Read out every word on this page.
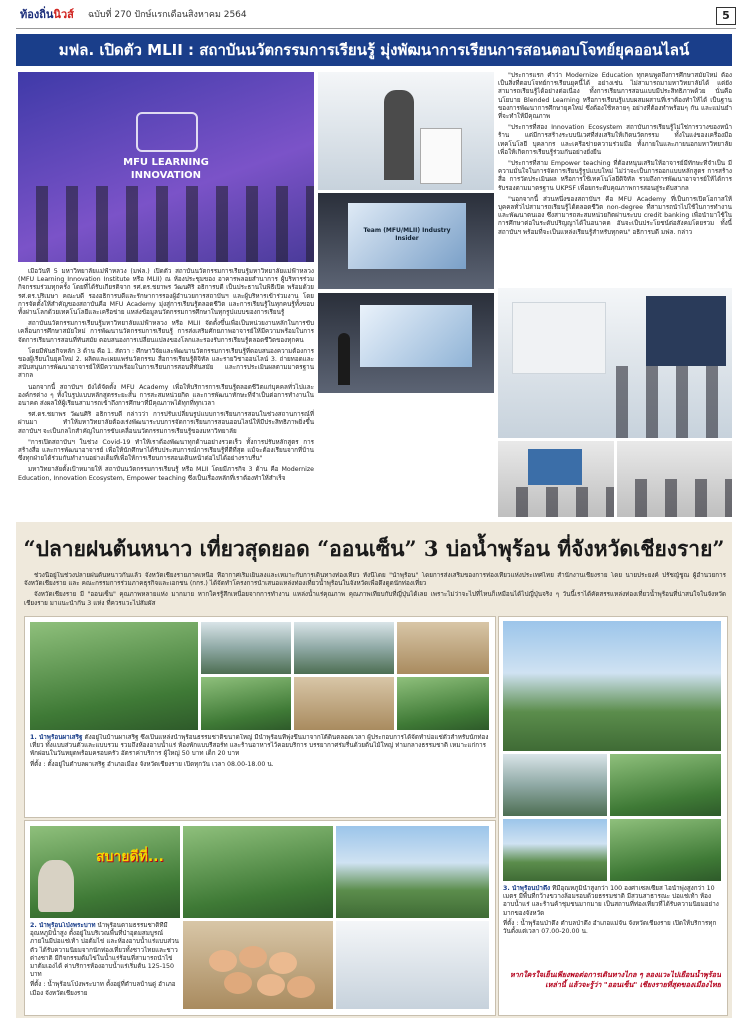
ท้องถิ่นนิวส์	ฉบับที่ 270 ปักษ์แรกเดือนสิงหาคม 2564	5
มฟล. เปิดตัว MLII : สถาบันนวัตกรรมการเรียนรู้ มุ่งพัฒนาการเรียนการสอนตอบโจทย์ยุคออนไลน์
MFU LEARNING INNOVATION
Team (MFU/MLII) Industry Insider

เมื่อวันที่ 5 มหาวิทยาลัยแม่ฟ้าหลวง (มฟล.) เปิดตัว สถาบันนวัตกรรมการเรียนรู้มหาวิทยาลัยแม่ฟ้าหลวง (MFU Learning Innovation Institute หรือ MLII) ณ ห้องประชุมของ อาคารพลอยสำนาการ ผู้บริหารร่วมกิจกรรมร่วมทุกครั้ง โดยที่ได้รับเกียรติจาก รศ.ดร.ชยาพร วัฒนศิริ อธิการบดี เป็นประธานในพิธีเปิด พร้อมด้วย รศ.ดร.ปริเมษา คณะบดี รองอธิการบดีและรักษาการรองผู้อำนวยการสถาบันฯ และผู้บริหารเข้าร่วมงาน โดยการจัดตั้งให้สำคัญของสถาบันคือ MFU Academy มุ่งสู่การเรียนรู้ตลอดชีวิต และการเรียนรู้ในทุกคนรู้ทั้งขอบทั้งผ่านโลกด้วยเทคโนโลยีและเครือข่าย แหล่งข้อมูลนวัตกรรมการศึกษาในทุกรูปแบบของการเรียนรู้

สถาบันนวัตกรรมการเรียนรู้มหาวิทยาลัยแม่ฟ้าหลวง หรือ MLII จัดตั้งขึ้นเพื่อเป็นหน่วยงานหลักในการขับเคลื่อนการศึกษาสมัยใหม่ การพัฒนานวัตกรรมการเรียนรู้ การส่งเสริมศักยภาพอาจารย์ให้มีความพร้อมในการจัดการเรียนการสอนที่ทันสมัย ตอบสนองการเปลี่ยนแปลงของโลกและรองรับการเรียนรู้ตลอดชีวิตของทุกคน

โดยมีพันธกิจหลัก 3 ด้าน คือ 1. สัตวา : ศึกษาวิจัยและพัฒนานวัตกรรมการเรียนรู้ที่ตอบสนองความต้องการของผู้เรียนในยุคใหม่ 2. ผลิตและเผยแพร่นวัตกรรม สื่อการเรียนรู้ดิจิทัล และรายวิชาออนไลน์ 3. ถ่ายทอดและสนับสนุนการพัฒนาอาจารย์ให้มีความพร้อมในการเรียนการสอนที่ทันสมัย และการประเมินผลตามมาตรฐานสากล

นอกจากนี้ สถาบันฯ ยังได้จัดตั้ง MFU Academy เพื่อให้บริการการเรียนรู้ตลอดชีวิตแก่บุคคลทั่วไปและองค์กรต่าง ๆ ทั้งในรูปแบบหลักสูตรระยะสั้น การสะสมหน่วยกิต และการพัฒนาทักษะที่จำเป็นต่อการทำงานในอนาคต ส่งผลให้ผู้เรียนสามารถเข้าถึงการศึกษาที่มีคุณภาพได้ทุกที่ทุกเวลา

รศ.ดร.ชยาพร วัฒนศิริ อธิการบดี กล่าวว่า การปรับเปลี่ยนรูปแบบการเรียนการสอนในช่วงสถานการณ์ที่ผ่านมา ทำให้มหาวิทยาลัยต้องเร่งพัฒนาระบบการจัดการเรียนการสอนออนไลน์ให้มีประสิทธิภาพยิ่งขึ้น สถาบันฯ จะเป็นกลไกสำคัญในการขับเคลื่อนนวัตกรรมการเรียนรู้ของมหาวิทยาลัย

"การเปิดสถาบันฯ ในช่วง Covid-19 ทำให้เราต้องพัฒนาทุกด้านอย่างรวดเร็ว ทั้งการปรับหลักสูตร การสร้างสื่อ และการพัฒนาอาจารย์ เพื่อให้นักศึกษาได้รับประสบการณ์การเรียนรู้ที่ดีที่สุด แม้จะต้องเรียนจากที่บ้าน ซึ่งทุกฝ่ายได้ร่วมกันทำงานอย่างเต็มที่เพื่อให้การเรียนการสอนเดินหน้าต่อไปได้อย่างราบรื่น"

มหาวิทยาลัยตั้งเป้าหมายให้ สถาบันนวัตกรรมการเรียนรู้ หรือ MLII โดยมีภารกิจ 3 ด้าน คือ Modernize Education, Innovation Ecosystem, Empower teaching ซึ่งเป็นเรื่องหลักที่เราต้องทำให้สำเร็จ

"ประการแรก คำว่า Modernize Education ทุกคนพูดถึงการศึกษาสมัยใหม่ ต้องเป็นสิ่งที่ตอบโจทย์การเรียนยุคนี้ได้ อย่างเช่น ไม่สามารถมามหาวิทยาลัยได้ แต่ยังสามารถเรียนรู้ได้อย่างต่อเนื่อง ทั้งการเรียนการสอนแบบมีประสิทธิภาพด้วย นั่นคือนโยบาย Blended Learning หรือการเรียนรู้แบบผสมผสานที่เราต้องทำให้ได้ เป็นฐานของการพัฒนาการศึกษายุคใหม่ ซึ่งต้องใช้หลายๆ อย่างที่ต้องทำพร้อมๆ กัน และแม่นยำที่จะทำให้มีคุณภาพ

"ประการที่สอง Innovation Ecosystem สถาบันการเรียนรู้ไม่ใช่การวางของหน้าร้าน แต่มีการสร้างระบบนิเวศที่ส่งเสริมให้เกิดนวัตกรรม ทั้งในแง่ของเครื่องมือ เทคโนโลยี บุคลากร และเครือข่ายความร่วมมือ ทั้งภายในและภายนอกมหาวิทยาลัย เพื่อให้เกิดการเรียนรู้ร่วมกันอย่างยั่งยืน

"ประการที่สาม Empower teaching ที่ต้องหนุนเสริมให้อาจารย์มีทักษะที่จำเป็น มีความมั่นใจในการจัดการเรียนรู้รูปแบบใหม่ ไม่ว่าจะเป็นการออกแบบหลักสูตร การสร้างสื่อ การวัดประเมินผล หรือการใช้เทคโนโลยีดิจิทัล รวมถึงการพัฒนาอาจารย์ให้ได้การรับรองตามมาตรฐาน UKPSF เพื่อยกระดับคุณภาพการสอนสู่ระดับสากล

"นอกจากนี้ ส่วนหนึ่งของสถาบันฯ คือ MFU Academy ที่เป็นการเปิดโอกาสให้บุคคลทั่วไปสามารถเรียนรู้ได้ตลอดชีวิต non-degree ที่สามารถนำไปใช้ในการทำงาน และพัฒนาตนเอง ซึ่งสามารถสะสมหน่วยกิตผ่านระบบ credit banking เพื่อนำมาใช้ในการศึกษาต่อในระดับปริญญาได้ในอนาคต อันจะเป็นประโยชน์ต่อสังคมโดยรวม ทั้งนี้ สถาบันฯ พร้อมที่จะเป็นแหล่งเรียนรู้สำหรับทุกคน" อธิการบดี มฟล. กล่าว

“ปลายฝนต้นหนาว เที่ยวสุดยอด “ออนเซ็น” 3 บ่อน้ำพุร้อน ที่จังหวัดเชียงราย”

ช่วงนี้อยู่ในช่วงปลายฝนต้นหนาวกันแล้ว จังหวัดเชียงรายภาคเหนือ ที่อากาศเริ่มเย็นลงและเหมาะกับการเดินทางท่องเที่ยว ทั้งนี้โดย "น้ำพุร้อน" โดยการส่งเสริมของการท่องเที่ยวแห่งประเทศไทย สำนักงานเชียงราย โดย นายประยงค์ ปรัชญ์ชูณ ผู้อำนวยการจังหวัดเชียงราย และ คณะกรรมการร่วมภาคธุรกิจและเอกชน (กกร.) ได้จัดทำโครงการนำเสนอแหล่งท่องเที่ยวน้ำพุร้อนในจังหวัดเพื่อดึงดูดนักท่องเที่ยว

จังหวัดเชียงราย มี "ออนเซ็น" คุณภาพหลายแห่ง มากมาย หากใครรู้สึกเหนื่อยจากการทำงาน แหล่งน้ำแร่คุณภาพ คุณภาพเทียบกับที่ญี่ปุ่นได้เลย เพราะไม่ว่าจะไปที่ไหนก็เหมือนได้ไปญี่ปุ่นจริง ๆ วันนี้เราได้คัดสรรแหล่งท่องเที่ยวน้ำพุร้อนที่น่าสนใจในจังหวัดเชียงราย มาแนะนำกัน 3 แห่ง ที่ควรแวะไปสัมผัส

1. น้ำพุร้อนผาเสริฐ ตั้งอยู่ในบ้านผาเสริฐ ซึ่งเป็นแหล่งน้ำพุร้อนธรรมชาติขนาดใหญ่ มีน้ำพุร้อนที่พุ่งขึ้นมาจากใต้ดินตลอดเวลา ผู้ประกอบการได้จัดทำบ่อแช่ตัวสำหรับนักท่องเที่ยว ทั้งแบบส่วนตัวและแบบรวม รวมถึงห้องอาบน้ำแร่ ห้องพักแบบรีสอร์ท และร้านอาหารไว้คอยบริการ บรรยากาศร่มรื่นด้วยต้นไม้ใหญ่ ท่ามกลางธรรมชาติ เหมาะแก่การพักผ่อนในวันหยุดพร้อมครอบครัว อัตราค่าบริการ ผู้ใหญ่ 50 บาท เด็ก 20 บาท
ที่ตั้ง : ตั้งอยู่ในตำบลผาเสริฐ อำเภอเมือง จังหวัดเชียงราย เปิดทุกวัน เวลา 08.00-18.00 น.
สบายดีที่...
2. น้ำพุร้อนโป่งพระบาท น้ำพุร้อนตามธรรมชาติที่มีอุณหภูมิน้ำสูง ตั้งอยู่ในบริเวณพื้นที่ป่าอุดมสมบูรณ์ ภายในมีบ่อแช่เท้า บ่อต้มไข่ และห้องอาบน้ำแร่แบบส่วนตัว ได้รับความนิยมจากนักท่องเที่ยวทั้งชาวไทยและชาวต่างชาติ มีกิจกรรมต้มไข่ในน้ำแร่ร้อนที่สามารถนำไข่มาต้มเองได้ ค่าบริการห้องอาบน้ำแร่เริ่มต้น 125-150 บาท
ที่ตั้ง : น้ำพุร้อนโป่งพระบาท ตั้งอยู่ที่ตำบลบ้านดู่ อำเภอเมือง จังหวัดเชียงราย
3. น้ำพุร้อนป่าตึง ที่มีอุณหภูมิน้ำสูงกว่า 100 องศาเซลเซียส ไอน้ำพุ่งสูงกว่า 10 เมตร มีพื้นที่กว้างขวางล้อมรอบด้วยธรรมชาติ มีสวนสาธารณะ บ่อแช่เท้า ห้องอาบน้ำแร่ และร้านค้าชุมชนมากมาย เป็นสถานที่ท่องเที่ยวที่ได้รับความนิยมอย่างมากของจังหวัด
ที่ตั้ง : น้ำพุร้อนป่าตึง ตำบลป่าตึง อำเภอแม่จัน จังหวัดเชียงราย เปิดให้บริการทุกวันตั้งแต่เวลา 07.00-20.00 น.
หากใครใจเย็นเพียงพอต่อการเดินทางไกล ๆ ลองแวะไปเยือนน้ำพุร้อนเหล่านี้ แล้วจะรู้ว่า "ออนเซ็น" เชียงรายที่สุดของเมืองไทย
